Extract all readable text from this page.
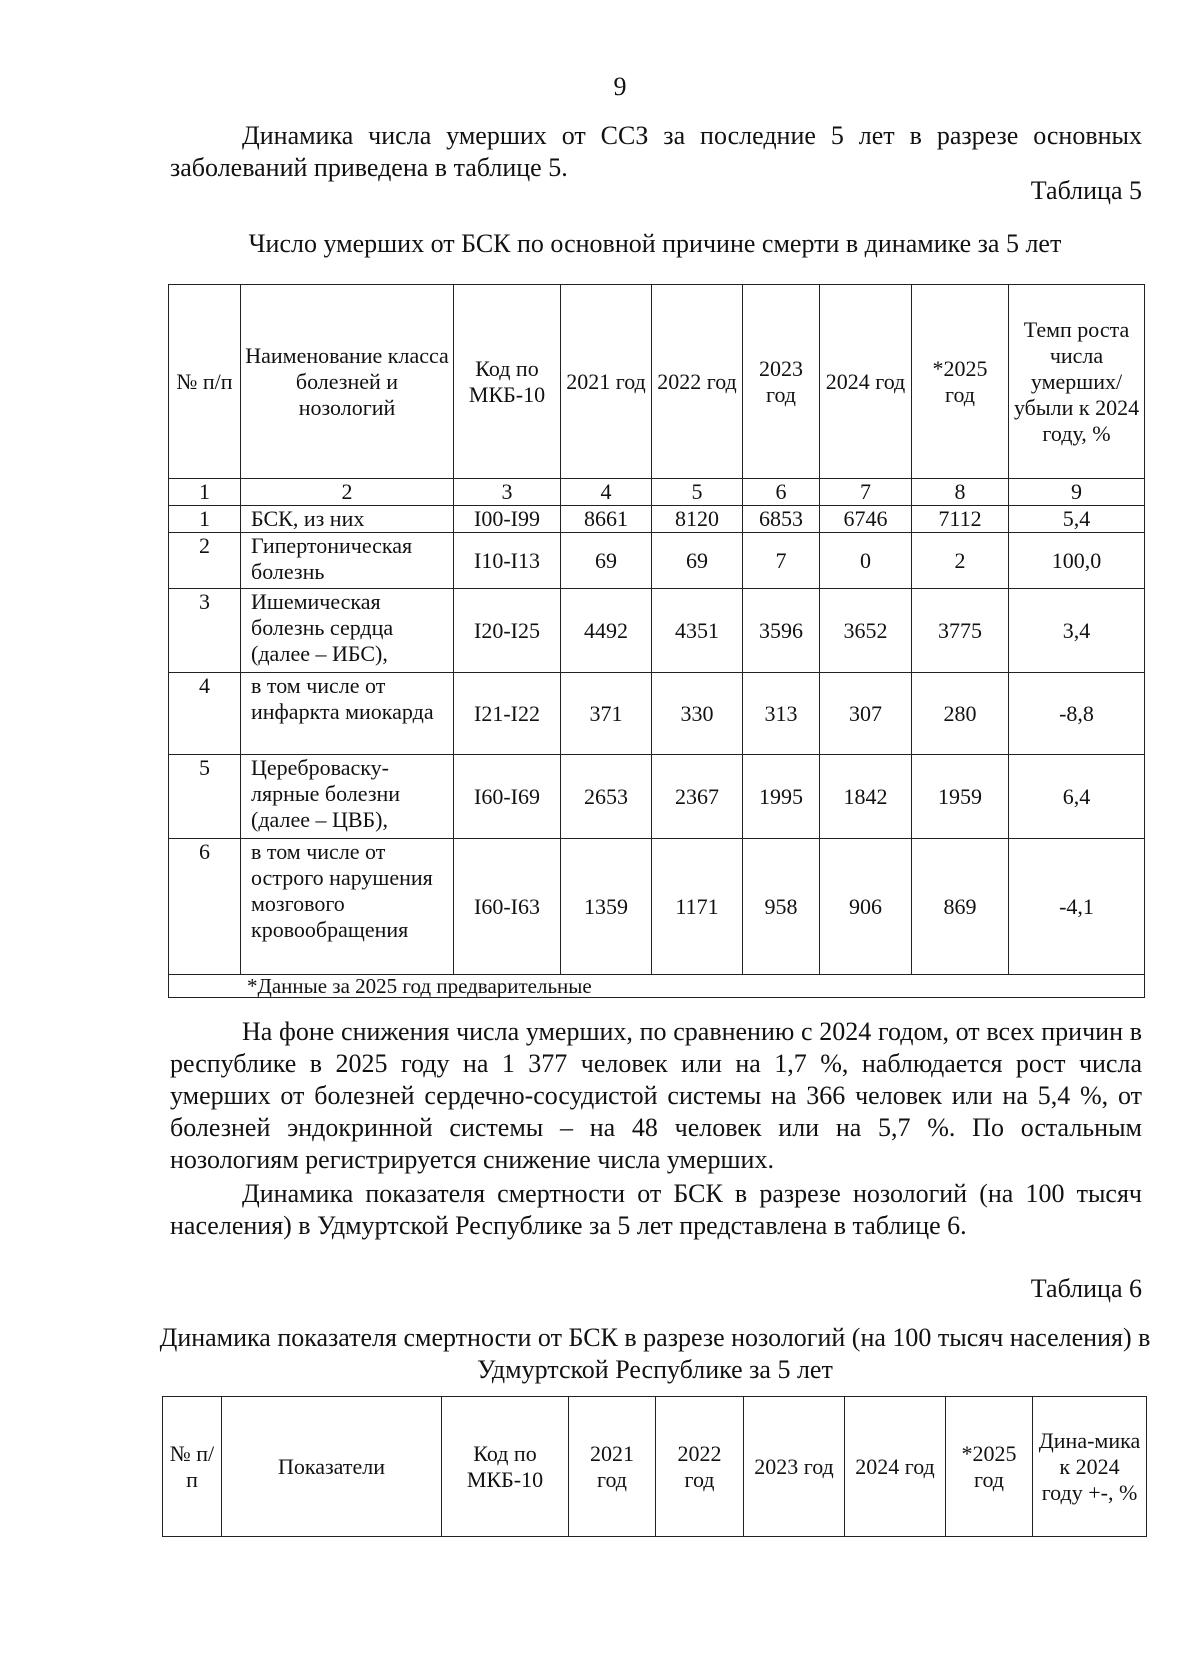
9

Динамика числа умерших от ССЗ за последние 5 лет в разрезе основных заболеваний приведена в таблице 5.

Таблица 5
Число умерших от БСК по основной причине смерти в динамике за 5 лет
№ п/п	Наименование класса болезней и нозологий	Код по МКБ-10	2021 год	2022 год	2023 год	2024 год	*2025 год	Темп роста числа умерших/ убыли к 2024 году, %
1	2	3	4	5	6	7	8	9
1	БСК, из них	I00-I99	8661	8120	6853	6746	7112	5,4
2	Гипертоническая болезнь	I10-I13	69	69	7	0	2	100,0
3	Ишемическая болезнь сердца (далее – ИБС),	I20-I25	4492	4351	3596	3652	3775	3,4
4	в том числе от инфаркта миокарда	I21-I22	371	330	313	307	280	-8,8
5	Цереброваску-лярные болезни (далее – ЦВБ),	I60-I69	2653	2367	1995	1842	1959	6,4
6	в том числе от острого нарушения мозгового кровообращения	I60-I63	1359	1171	958	906	869	-4,1
*Данные за 2025 год предварительные								

На фоне снижения числа умерших, по сравнению с 2024 годом, от всех причин в республике в 2025 году на 1 377 человек или на 1,7 %, наблюдается рост числа умерших от болезней сердечно-сосудистой системы на 366 человек или на 5,4 %, от болезней эндокринной системы – на 48 человек или на 5,7 %. По остальным нозологиям регистрируется снижение числа умерших.

Динамика показателя смертности от БСК в разрезе нозологий (на 100 тысяч населения) в Удмуртской Республике за 5 лет представлена в таблице 6.

Таблица 6
Динамика показателя смертности от БСК в разрезе нозологий (на 100 тысяч населения) в Удмуртской Республике за 5 лет
№ п/п	Показатели	Код по МКБ-10	2021 год	2022 год	2023 год	2024 год	*2025 год	Дина-мика к 2024 году +-, %
